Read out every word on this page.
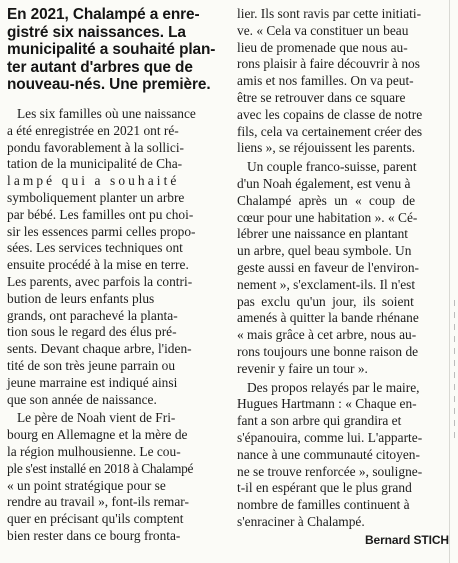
En 2021, Chalampé a enre-
gistré six naissances. La
municipalité a souhaité plan-
ter autant d'arbres que de
nouveau-nés. Une première.

Les six familles où une naissance
a été enregistrée en 2021 ont ré-
pondu favorablement à la sollici-
tation de la municipalité de Cha-
lampé qui a souhaité
symboliquement planter un arbre
par bébé. Les familles ont pu choi-
sir les essences parmi celles propo-
sées. Les services techniques ont
ensuite procédé à la mise en terre.
Les parents, avec parfois la contri-
bution de leurs enfants plus
grands, ont parachevé la planta-
tion sous le regard des élus pré-
sents. Devant chaque arbre, l'iden-
tité de son très jeune parrain ou
jeune marraine est indiqué ainsi
que son année de naissance.

Le père de Noah vient de Fri-
bourg en Allemagne et la mère de
la région mulhousienne. Le cou-
ple s'est installé en 2018 à Chalampé
« un point stratégique pour se
rendre au travail », font-ils remar-
quer en précisant qu'ils comptent
bien rester dans ce bourg fronta-

lier. Ils sont ravis par cette initiati-
ve. « Cela va constituer un beau
lieu de promenade que nous au-
rons plaisir à faire découvrir à nos
amis et nos familles. On va peut-
être se retrouver dans ce square
avec les copains de classe de notre
fils, cela va certainement créer des
liens », se réjouissent les parents.

Un couple franco-suisse, parent
d'un Noah également, est venu à
Chalampé après un « coup de
cœur pour une habitation ». « Cé-
lébrer une naissance en plantant
un arbre, quel beau symbole. Un
geste aussi en faveur de l'environ-
nement », s'exclament-ils. Il n'est
pas exclu qu'un jour, ils soient
amenés à quitter la bande rhénane
« mais grâce à cet arbre, nous au-
rons toujours une bonne raison de
revenir y faire un tour ».

Des propos relayés par le maire,
Hugues Hartmann : « Chaque en-
fant a son arbre qui grandira et
s'épanouira, comme lui. L'apparte-
nance à une communauté citoyen-
ne se trouve renforcée », souligne-
t-il en espérant que le plus grand
nombre de familles continuent à
s'enraciner à Chalampé.

Bernard STICH
